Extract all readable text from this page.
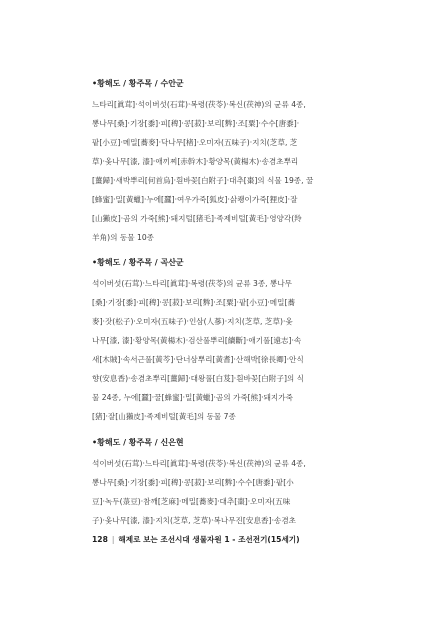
•황해도 / 황주목 / 수안군
느타리[眞茸]·석이버섯(石茸)·복령(茯苓)·복신(茯神)의 균류 4종,
뽕나무[桑]·기장[黍]·피[稗]·콩[菽]·보리[麰]·조[粟]·수수[唐黍]·
팥[小豆]·메밀[蕎麥]·닥나무[楮]·오미자(五味子)·지치(芝草, 芝
草)·옻나무[漆, 漆]·애끼찌[赤幹木]·황양목(黃楊木)·송겸초뿌리
[薑歸]·새박뿌리[何首烏]·흰바꽃[白附子]·대추[棗]의 식물 19종, 꿀
[蜂蜜]·밀[黃蠟]·누에[蠶]·여우가죽[狐皮]·삵쾡이가죽[狸皮]·잘
[山獺皮]·곰의 가죽[熊]·돼지털[猪毛]·족제비털[黃毛]·영양각(羚
羊角)의 동물 10종
•황해도 / 황주목 / 곡산군
석이버섯(石茸)·느타리[眞茸]·복령(茯苓)의 균류 3종, 뽕나무
[桑]·기장[黍]·피[稗]·콩[菽]·보리[麰]·조[粟]·팥[小豆]·메밀[蕎
麥]·잣(松子)·오미자(五味子)·인삼(人蔘)·지치(芝草, 芝草)·옻
나무[漆, 漆]·황양목(黃楊木)·검산풀뿌리[續斷]·애기풀[遠志]·속
새[木賊]·속서근풀[黃芩]·단너삼뿌리[黃耆]·산해박[徐長卿]·안식
향(安息香)·송겸초뿌리[薑歸]·대왕풀[白芨]·흰바꽃[白附子]의 식
물 24종, 누에[蠶]·꿀[蜂蜜]·밀[黃蠟]·곰의 가죽[熊]·돼지가죽
[猪]·잘[山獺皮]·족제비털[黃毛]의 동물 7종
•황해도 / 황주목 / 신은현
석이버섯(石茸)·느타리[眞茸]·복령(茯苓)·복신(茯神)의 균류 4종,
뽕나무[桑]·기장[黍]·피[稗]·콩[菽]·보리[麰]·수수[唐黍]·팥[小
豆]·녹두(菉豆)·참깨[芝麻]·메밀[蕎麥]·대추[棗]·오미자(五味
子)·옻나무[漆, 漆]·지치(芝草, 芝草)·복나무진[安息香]·송겸초
128 | 해제로 보는 조선시대 생물자원 1 - 조선전기(15세기)
